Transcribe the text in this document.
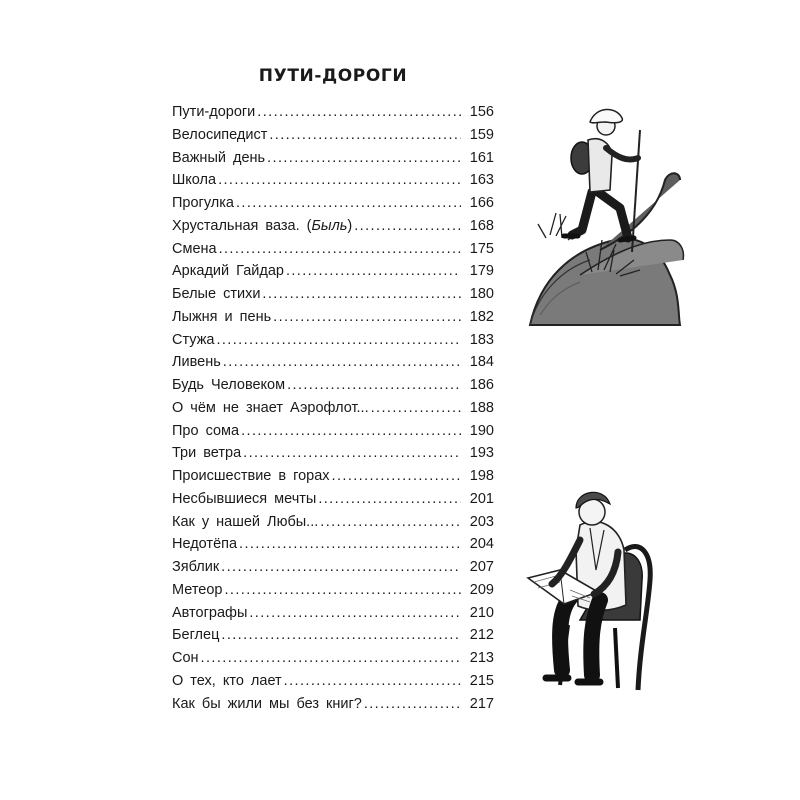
ПУТИ-ДОРОГИ
Пути-дороги .....	156
Велосипедист .....	159
Важный день .....	161
Школа .....	163
Прогулка .....	166
Хрустальная ваза. (Быль) .....	168
Смена .....	175
Аркадий Гайдар .....	179
Белые стихи .....	180
Лыжня и пень .....	182
Стужа .....	183
Ливень .....	184
Будь Человеком .....	186
О чём не знает Аэрофлот... .....	188
Про сома .....	190
Три ветра .....	193
Происшествие в горах .....	198
Несбывшиеся мечты .....	201
Как у нашей Любы... .....	203
Недотёпа .....	204
Зяблик .....	207
Метеор .....	209
Автографы .....	210
Беглец .....	212
Сон .....	213
О тех, кто лает .....	215
Как бы жили мы без книг? .....	217
